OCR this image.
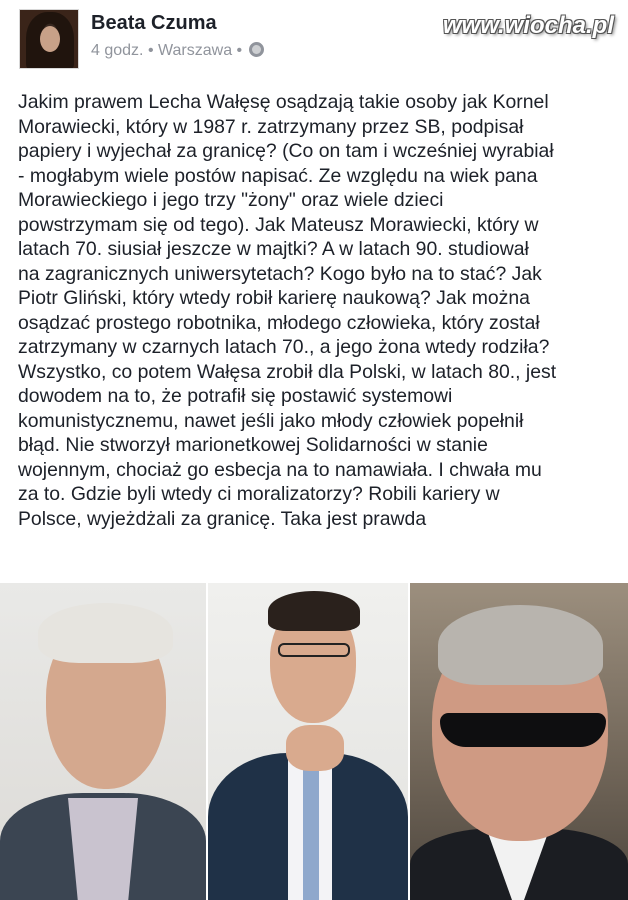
Beata Czuma
4 godz. • Warszawa •
www.wiocha.pl
Jakim prawem Lecha Wałęsę osądzają takie osoby jak Kornel
Morawiecki, który w 1987 r. zatrzymany przez SB, podpisał
papiery i wyjechał za granicę? (Co on tam i wcześniej wyrabiał
- mogłabym wiele postów napisać. Ze względu na wiek pana
Morawieckiego i jego trzy "żony" oraz wiele dzieci
powstrzymam się od tego). Jak Mateusz Morawiecki, który w
latach 70. siusiał jeszcze w majtki? A w latach 90. studiował
na zagranicznych uniwersytetach? Kogo było na to stać? Jak
Piotr Gliński, który wtedy robił karierę naukową? Jak można
osądzać prostego robotnika, młodego człowieka, który został
zatrzymany w czarnych latach 70., a jego żona wtedy rodziła?
Wszystko, co potem Wałęsa zrobił dla Polski, w latach 80., jest
dowodem na to, że potrafił się postawić systemowi
komunistycznemu, nawet jeśli jako młody człowiek popełnił
błąd. Nie stworzył marionetkowej Solidarności w stanie
wojennym, chociaż go esbecja na to namawiała. I chwała mu
za to. Gdzie byli wtedy ci moralizatorzy? Robili kariery w
Polsce, wyjeżdżali za granicę. Taka jest prawda
